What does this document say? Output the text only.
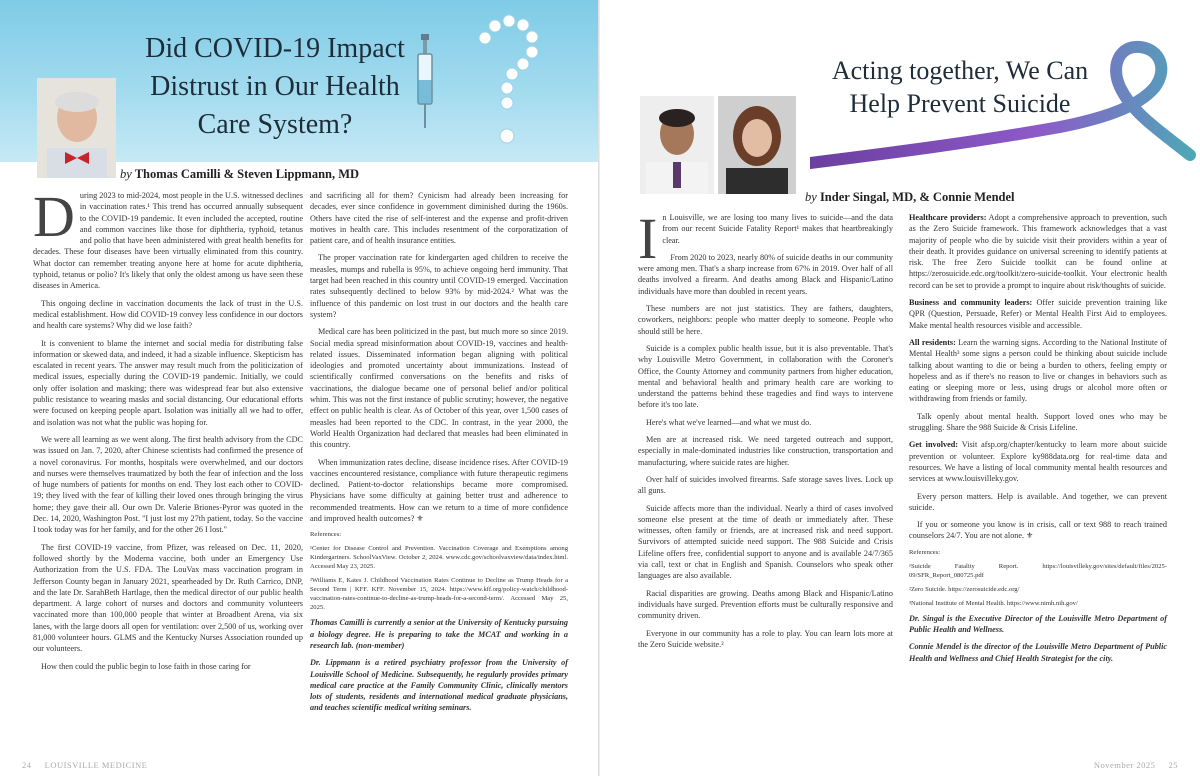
Did COVID-19 Impact
Distrust in Our Health
Care System?
by Thomas Camilli & Steven Lippmann, MD

During 2023 to mid-2024, most people in the U.S. witnessed declines in vaccination rates.¹ This trend has occurred annually subsequent to the COVID-19 pandemic. It even included the accepted, routine and common vaccines like those for diphtheria, typhoid, tetanus and polio that have been administered with great health benefits for decades. These four diseases have been virtually eliminated from this country. What doctor can remember treating anyone here at home for acute diphtheria, typhoid, tetanus or polio? It's likely that only the oldest among us have seen these diseases in America.

This ongoing decline in vaccination documents the lack of trust in the U.S. medical establishment. How did COVID-19 convey less confidence in our doctors and health care systems? Why did we lose faith?

It is convenient to blame the internet and social media for distributing false information or skewed data, and indeed, it had a sizable influence. Skepticism has escalated in recent years. The answer may result much from the politicization of medical issues, especially during the COVID-19 pandemic. Initially, we could only offer isolation and masking; there was widespread fear but also extensive public resistance to wearing masks and social distancing. Our educational efforts were focused on keeping people apart. Isolation was initially all we had to offer, and isolation was not what the public was hoping for.

We were all learning as we went along. The first health advisory from the CDC was issued on Jan. 7, 2020, after Chinese scientists had confirmed the presence of a novel coronavirus. For months, hospitals were overwhelmed, and our doctors and nurses were themselves traumatized by both the fear of infection and the loss of huge numbers of patients for months on end. They lost each other to COVID-19; they lived with the fear of killing their loved ones through bringing the virus home; they gave their all. Our own Dr. Valerie Briones-Pyror was quoted in the Dec. 14, 2020, Washington Post. "I just lost my 27th patient, today. So the vaccine I took today was for her family, and for the other 26 I lost."

The first COVID-19 vaccine, from Pfizer, was released on Dec. 11, 2020, followed shortly by the Moderna vaccine, both under an Emergency Use Authorization from the U.S. FDA. The LouVax mass vaccination program in Jefferson County began in January 2021, spearheaded by Dr. Ruth Carrico, DNP, and the late Dr. SarahBeth Hartlage, then the medical director of our public health department. A large cohort of nurses and doctors and community volunteers vaccinated more than 100,000 people that winter at Broadbent Arena, via six lanes, with the large doors all open for ventilation: over 2,500 of us, working over 81,000 volunteer hours. GLMS and the Kentucky Nurses Association rounded up our volunteers.

How then could the public begin to lose faith in those caring for

and sacrificing all for them? Cynicism had already been increasing for decades, ever since confidence in government diminished during the 1960s. Others have cited the rise of self-interest and the expense and profit-driven motives in health care. This includes resentment of the corporatization of patient care, and of health insurance entities.

The proper vaccination rate for kindergarten aged children to receive the measles, mumps and rubella is 95%, to achieve ongoing herd immunity. That target had been reached in this country until COVID-19 emerged. Vaccination rates subsequently declined to below 93% by mid-2024.² What was the influence of this pandemic on lost trust in our doctors and the health care system?

Medical care has been politicized in the past, but much more so since 2019. Social media spread misinformation about COVID-19, vaccines and health-related issues. Disseminated information began aligning with political ideologies and promoted uncertainty about immunizations. Instead of scientifically confirmed conversations on the benefits and risks of vaccinations, the dialogue became one of personal belief and/or political whim. This was not the first instance of public scrutiny; however, the negative effect on public health is clear. As of October of this year, over 1,500 cases of measles had been reported to the CDC. In contrast, in the year 2000, the World Health Organization had declared that measles had been eliminated in this country.

When immunization rates decline, disease incidence rises. After COVID-19 vaccines encountered resistance, compliance with future therapeutic regimens declined. Patient-to-doctor relationships became more compromised. Physicians have some difficulty at gaining better trust and adherence to recommended treatments. How can we return to a time of more confidence and improved health outcomes? ⚜

References:

¹Center for Disease Control and Prevention. Vaccination Coverage and Exemptions among Kindergartners. SchoolVaxView. October 2, 2024. www.cdc.gov/schoolvaxview/data/index.html. Accessed May 23, 2025.

²Williams E, Kates J. Childhood Vaccination Rates Continue to Decline as Trump Heads for a Second Term | KFF. KFF. November 15, 2024. https://www.kff.org/policy-watch/childhood-vaccination-rates-continue-to-decline-as-trump-heads-for-a-second-term/. Accessed May 25, 2025.

Thomas Camilli is currently a senior at the University of Kentucky pursuing a biology degree. He is preparing to take the MCAT and working in a research lab. (non-member)

Dr. Lippmann is a retired psychiatry professor from the University of Louisville School of Medicine. Subsequently, he regularly provides primary medical care practice at the Family Community Clinic, clinically mentors lots of students, residents and international medical graduate physicians, and teaches scientific medical writing seminars.

24 LOUISVILLE MEDICINE
Acting together, We Can
Help Prevent Suicide
by Inder Singal, MD, & Connie Mendel

In Louisville, we are losing too many lives to suicide—and the data from our recent Suicide Fatality Report¹ makes that heartbreakingly clear.

From 2020 to 2023, nearly 80% of suicide deaths in our community were among men. That's a sharp increase from 67% in 2019. Over half of all deaths involved a firearm. And deaths among Black and Hispanic/Latino individuals have more than doubled in recent years.

These numbers are not just statistics. They are fathers, daughters, coworkers, neighbors: people who matter deeply to someone. People who should still be here.

Suicide is a complex public health issue, but it is also preventable. That's why Louisville Metro Government, in collaboration with the Coroner's Office, the County Attorney and community partners from higher education, mental and behavioral health and primary health care are working to understand the patterns behind these tragedies and find ways to intervene before it's too late.

Here's what we've learned—and what we must do.

Men are at increased risk. We need targeted outreach and support, especially in male-dominated industries like construction, transportation and manufacturing, where suicide rates are higher.

Over half of suicides involved firearms. Safe storage saves lives. Lock up all guns.

Suicide affects more than the individual. Nearly a third of cases involved someone else present at the time of death or immediately after. These witnesses, often family or friends, are at increased risk and need support. Survivors of attempted suicide need support. The 988 Suicide and Crisis Lifeline offers free, confidential support to anyone and is available 24/7/365 via call, text or chat in English and Spanish. Counselors who speak other languages are also available.

Racial disparities are growing. Deaths among Black and Hispanic/Latino individuals have surged. Prevention efforts must be culturally responsive and community driven.

Everyone in our community has a role to play. You can learn lots more at the Zero Suicide website.²

Healthcare providers: Adopt a comprehensive approach to prevention, such as the Zero Suicide framework. This framework acknowledges that a vast majority of people who die by suicide visit their providers within a year of their death. It provides guidance on universal screening to identify patients at risk. The free Zero Suicide toolkit can be found online at https://zerosuicide.edc.org/toolkit/zero-suicide-toolkit. Your electronic health record can be set to provide a prompt to inquire about risk/thoughts of suicide.

Business and community leaders: Offer suicide prevention training like QPR (Question, Persuade, Refer) or Mental Health First Aid to employees. Make mental health resources visible and accessible.

All residents: Learn the warning signs. According to the National Institute of Mental Health³ some signs a person could be thinking about suicide include talking about wanting to die or being a burden to others, feeling empty or hopeless and as if there's no reason to live or changes in behaviors such as eating or sleeping more or less, using drugs or alcohol more often or withdrawing from friends or family.

Talk openly about mental health. Support loved ones who may be struggling. Share the 988 Suicide & Crisis Lifeline.

Get involved: Visit afsp.org/chapter/kentucky to learn more about suicide prevention or volunteer. Explore ky988data.org for real-time data and resources. We have a listing of local community mental health resources and services at www.louisvilleky.gov.

Every person matters. Help is available. And together, we can prevent suicide.

If you or someone you know is in crisis, call or text 988 to reach trained counselors 24/7. You are not alone. ⚜

References:

¹Suicide Fatality Report. https://louisvilleky.gov/sites/default/files/2025-09/SFR_Report_080725.pdf

²Zero Suicide. https://zerosuicide.edc.org/

³National Institute of Mental Health. https://www.nimh.nih.gov/

Dr. Singal is the Executive Director of the Louisville Metro Department of Public Health and Wellness.

Connie Mendel is the director of the Louisville Metro Department of Public Health and Wellness and Chief Health Strategist for the city.

November 2025 25
